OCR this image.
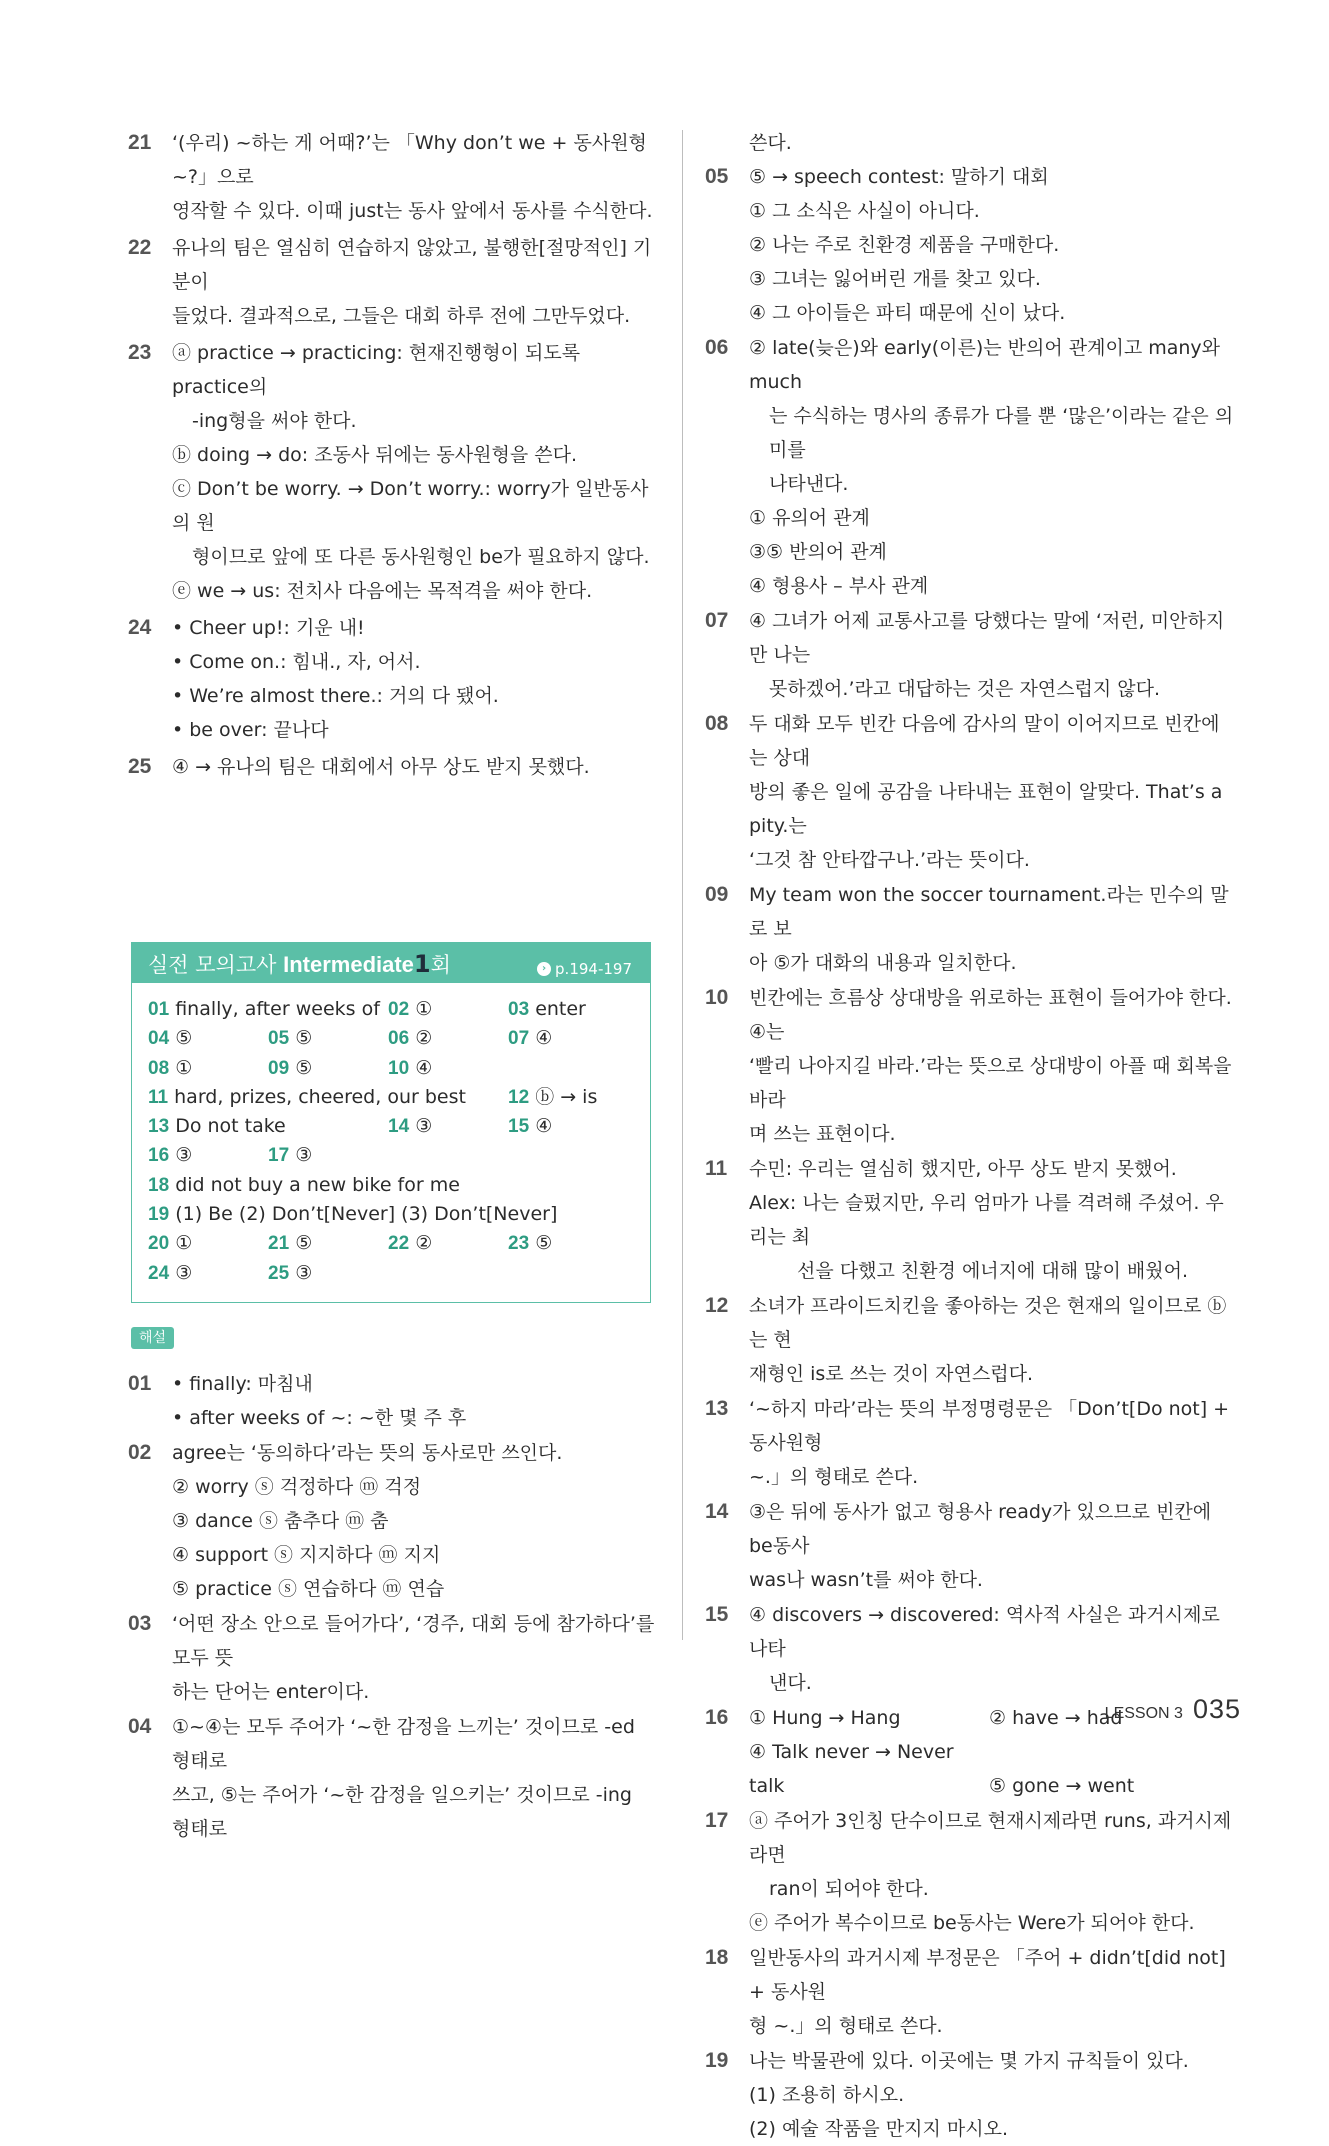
21 ‘(우리) ~하는 게 어때?’는 「Why don’t we + 동사원형 ~?」으로
영작할 수 있다. 이때 just는 동사 앞에서 동사를 수식한다.
22 유나의 팀은 열심히 연습하지 않았고, 불행한[절망적인] 기분이
들었다. 결과적으로, 그들은 대회 하루 전에 그만두었다.
23 ⓐ practice → practicing: 현재진행형이 되도록 practice의
-ing형을 써야 한다.
ⓑ doing → do: 조동사 뒤에는 동사원형을 쓴다.
ⓒ Don’t be worry. → Don’t worry.: worry가 일반동사의 원
형이므로 앞에 또 다른 동사원형인 be가 필요하지 않다.
ⓔ we → us: 전치사 다음에는 목적격을 써야 한다.
24 • Cheer up!: 기운 내!
• Come on.: 힘내., 자, 어서.
• We’re almost there.: 거의 다 됐어.
• be over: 끝나다
25 ④ → 유나의 팀은 대회에서 아무 상도 받지 못했다.
실전 모의고사 Intermediate1회	› p.194-197
01 finally, after weeks of 02 ①	03 enter
04 ⑤	05 ⑤	06 ②	07 ④
08 ①	09 ⑤	10 ④
11 hard, prizes, cheered, our best	12 ⓑ → is
13 Do not take	14 ③	15 ④
16 ③	17 ③
18 did not buy a new bike for me
19 (1) Be (2) Don’t[Never] (3) Don’t[Never]
20 ①	21 ⑤	22 ②	23 ⑤
24 ③	25 ③
해설
01 • finally: 마침내
• after weeks of ~: ~한 몇 주 후
02 agree는 ‘동의하다’라는 뜻의 동사로만 쓰인다.
② worry ⓢ 걱정하다 ⓜ 걱정
③ dance ⓢ 춤추다 ⓜ 춤
④ support ⓢ 지지하다 ⓜ 지지
⑤ practice ⓢ 연습하다 ⓜ 연습
03 ‘어떤 장소 안으로 들어가다’, ‘경주, 대회 등에 참가하다’를 모두 뜻
하는 단어는 enter이다.
04 ①~④는 모두 주어가 ‘~한 감정을 느끼는’ 것이므로 -ed 형태로
쓰고, ⑤는 주어가 ‘~한 감정을 일으키는’ 것이므로 -ing 형태로
쓴다.
05 ⑤ → speech contest: 말하기 대회
① 그 소식은 사실이 아니다.
② 나는 주로 친환경 제품을 구매한다.
③ 그녀는 잃어버린 개를 찾고 있다.
④ 그 아이들은 파티 때문에 신이 났다.
06 ② late(늦은)와 early(이른)는 반의어 관계이고 many와 much
는 수식하는 명사의 종류가 다를 뿐 ‘많은’이라는 같은 의미를
나타낸다.
① 유의어 관계
③⑤ 반의어 관계
④ 형용사 – 부사 관계
07 ④ 그녀가 어제 교통사고를 당했다는 말에 ‘저런, 미안하지만 나는
못하겠어.’라고 대답하는 것은 자연스럽지 않다.
08 두 대화 모두 빈칸 다음에 감사의 말이 이어지므로 빈칸에는 상대
방의 좋은 일에 공감을 나타내는 표현이 알맞다. That’s a pity.는
‘그것 참 안타깝구나.’라는 뜻이다.
09 My team won the soccer tournament.라는 민수의 말로 보
아 ⑤가 대화의 내용과 일치한다.
10 빈칸에는 흐름상 상대방을 위로하는 표현이 들어가야 한다. ④는
‘빨리 나아지길 바라.’라는 뜻으로 상대방이 아플 때 회복을 바라
며 쓰는 표현이다.
11 수민: 우리는 열심히 했지만, 아무 상도 받지 못했어.
Alex: 나는 슬펐지만, 우리 엄마가 나를 격려해 주셨어. 우리는 최
선을 다했고 친환경 에너지에 대해 많이 배웠어.
12 소녀가 프라이드치킨을 좋아하는 것은 현재의 일이므로 ⓑ는 현
재형인 is로 쓰는 것이 자연스럽다.
13 ‘~하지 마라’라는 뜻의 부정명령문은 「Don’t[Do not] + 동사원형
~.」의 형태로 쓴다.
14 ③은 뒤에 동사가 없고 형용사 ready가 있으므로 빈칸에 be동사
was나 wasn’t를 써야 한다.
15 ④ discovers → discovered: 역사적 사실은 과거시제로 나타
낸다.
16 ① Hung → Hang	② have → had
④ Talk never → Never talk	⑤ gone → went
17 ⓐ 주어가 3인칭 단수이므로 현재시제라면 runs, 과거시제라면
ran이 되어야 한다.
ⓔ 주어가 복수이므로 be동사는 Were가 되어야 한다.
18 일반동사의 과거시제 부정문은 「주어 + didn’t[did not] + 동사원
형 ~.」의 형태로 쓴다.
19 나는 박물관에 있다. 이곳에는 몇 가지 규칙들이 있다.
(1) 조용히 하시오.
(2) 예술 작품을 만지지 마시오.
LESSON 3 035
